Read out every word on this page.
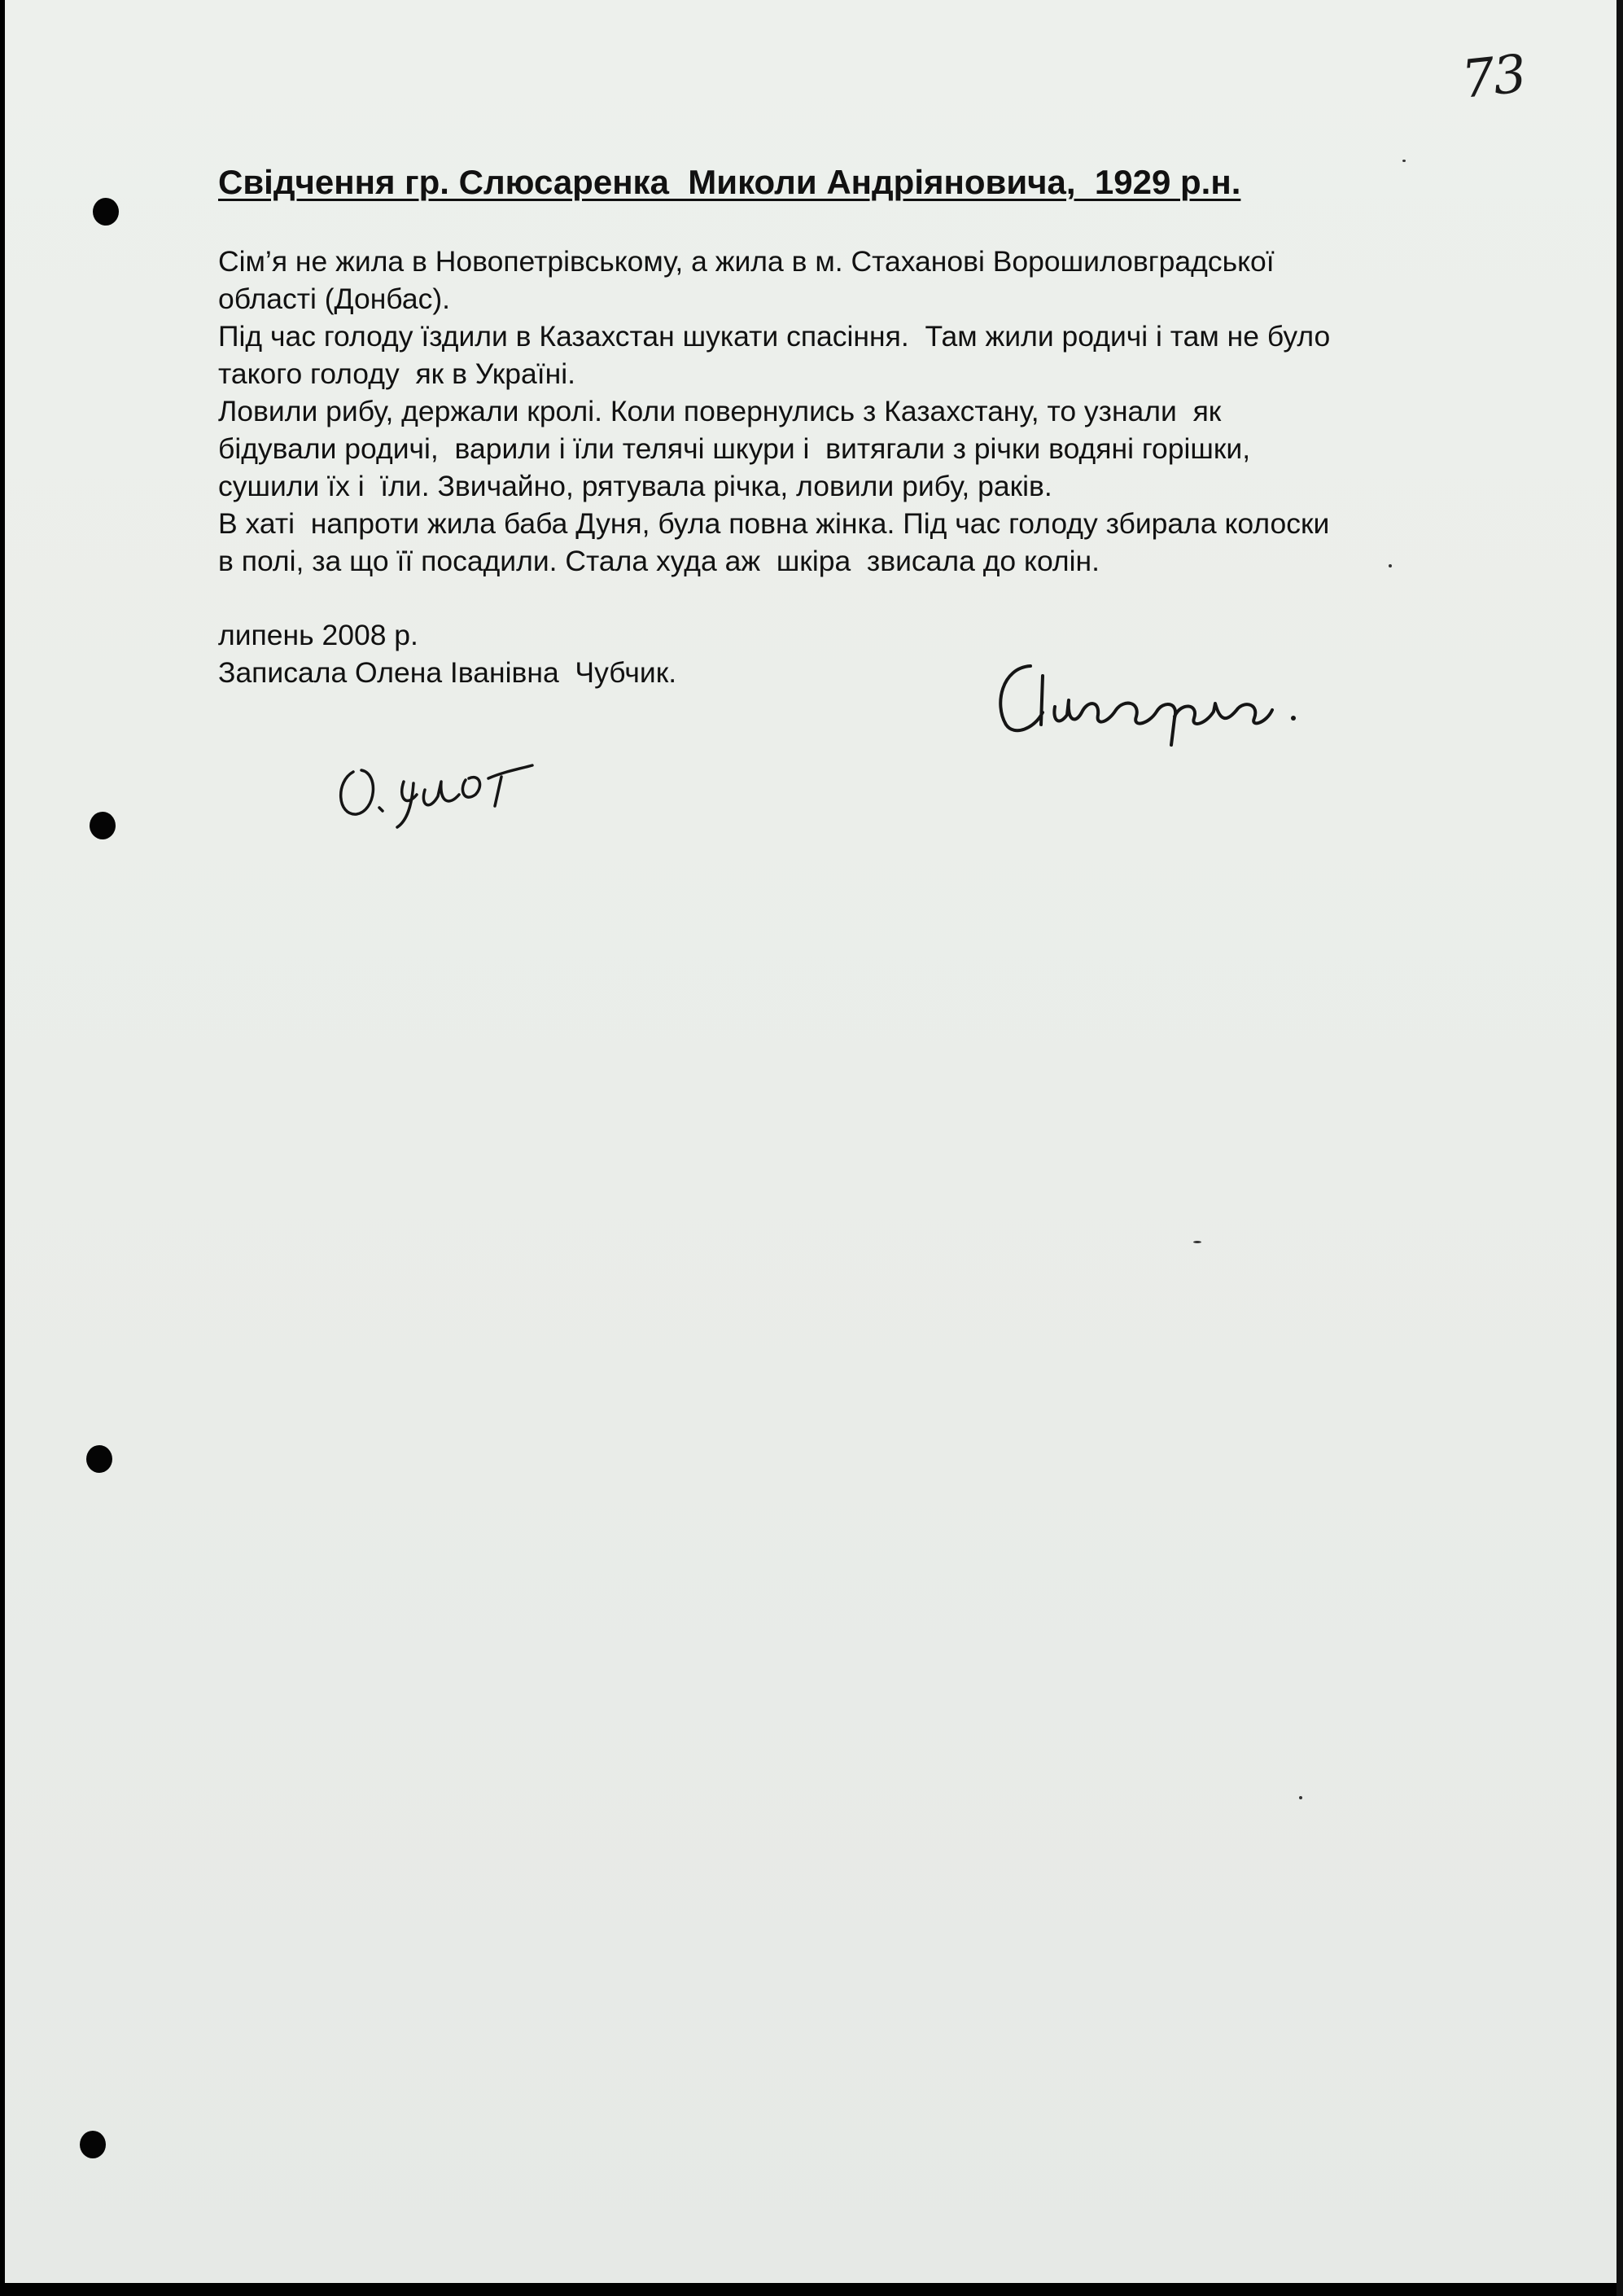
73
Свідчення гр. Слюсаренка  Миколи Андріяновича,  1929 р.н.
Сім’я не жила в Новопетрівському, а жила в м. Стаханові Ворошиловградської
області (Донбас).
Під час голоду їздили в Казахстан шукати спасіння.  Там жили родичі і там не було
такого голоду  як в Україні.
Ловили рибу, держали кролі. Коли повернулись з Казахстану, то узнали  як
бідували родичі,  варили і їли телячі шкури і  витягали з річки водяні горішки,
сушили їх і  їли. Звичайно, рятувала річка, ловили рибу, раків.
В хаті  напроти жила баба Дуня, була повна жінка. Під час голоду збирала колоски
в полі, за що її посадили. Стала худа аж  шкіра  звисала до колін.
липень 2008 р.
Записала Олена Іванівна  Чубчик.
